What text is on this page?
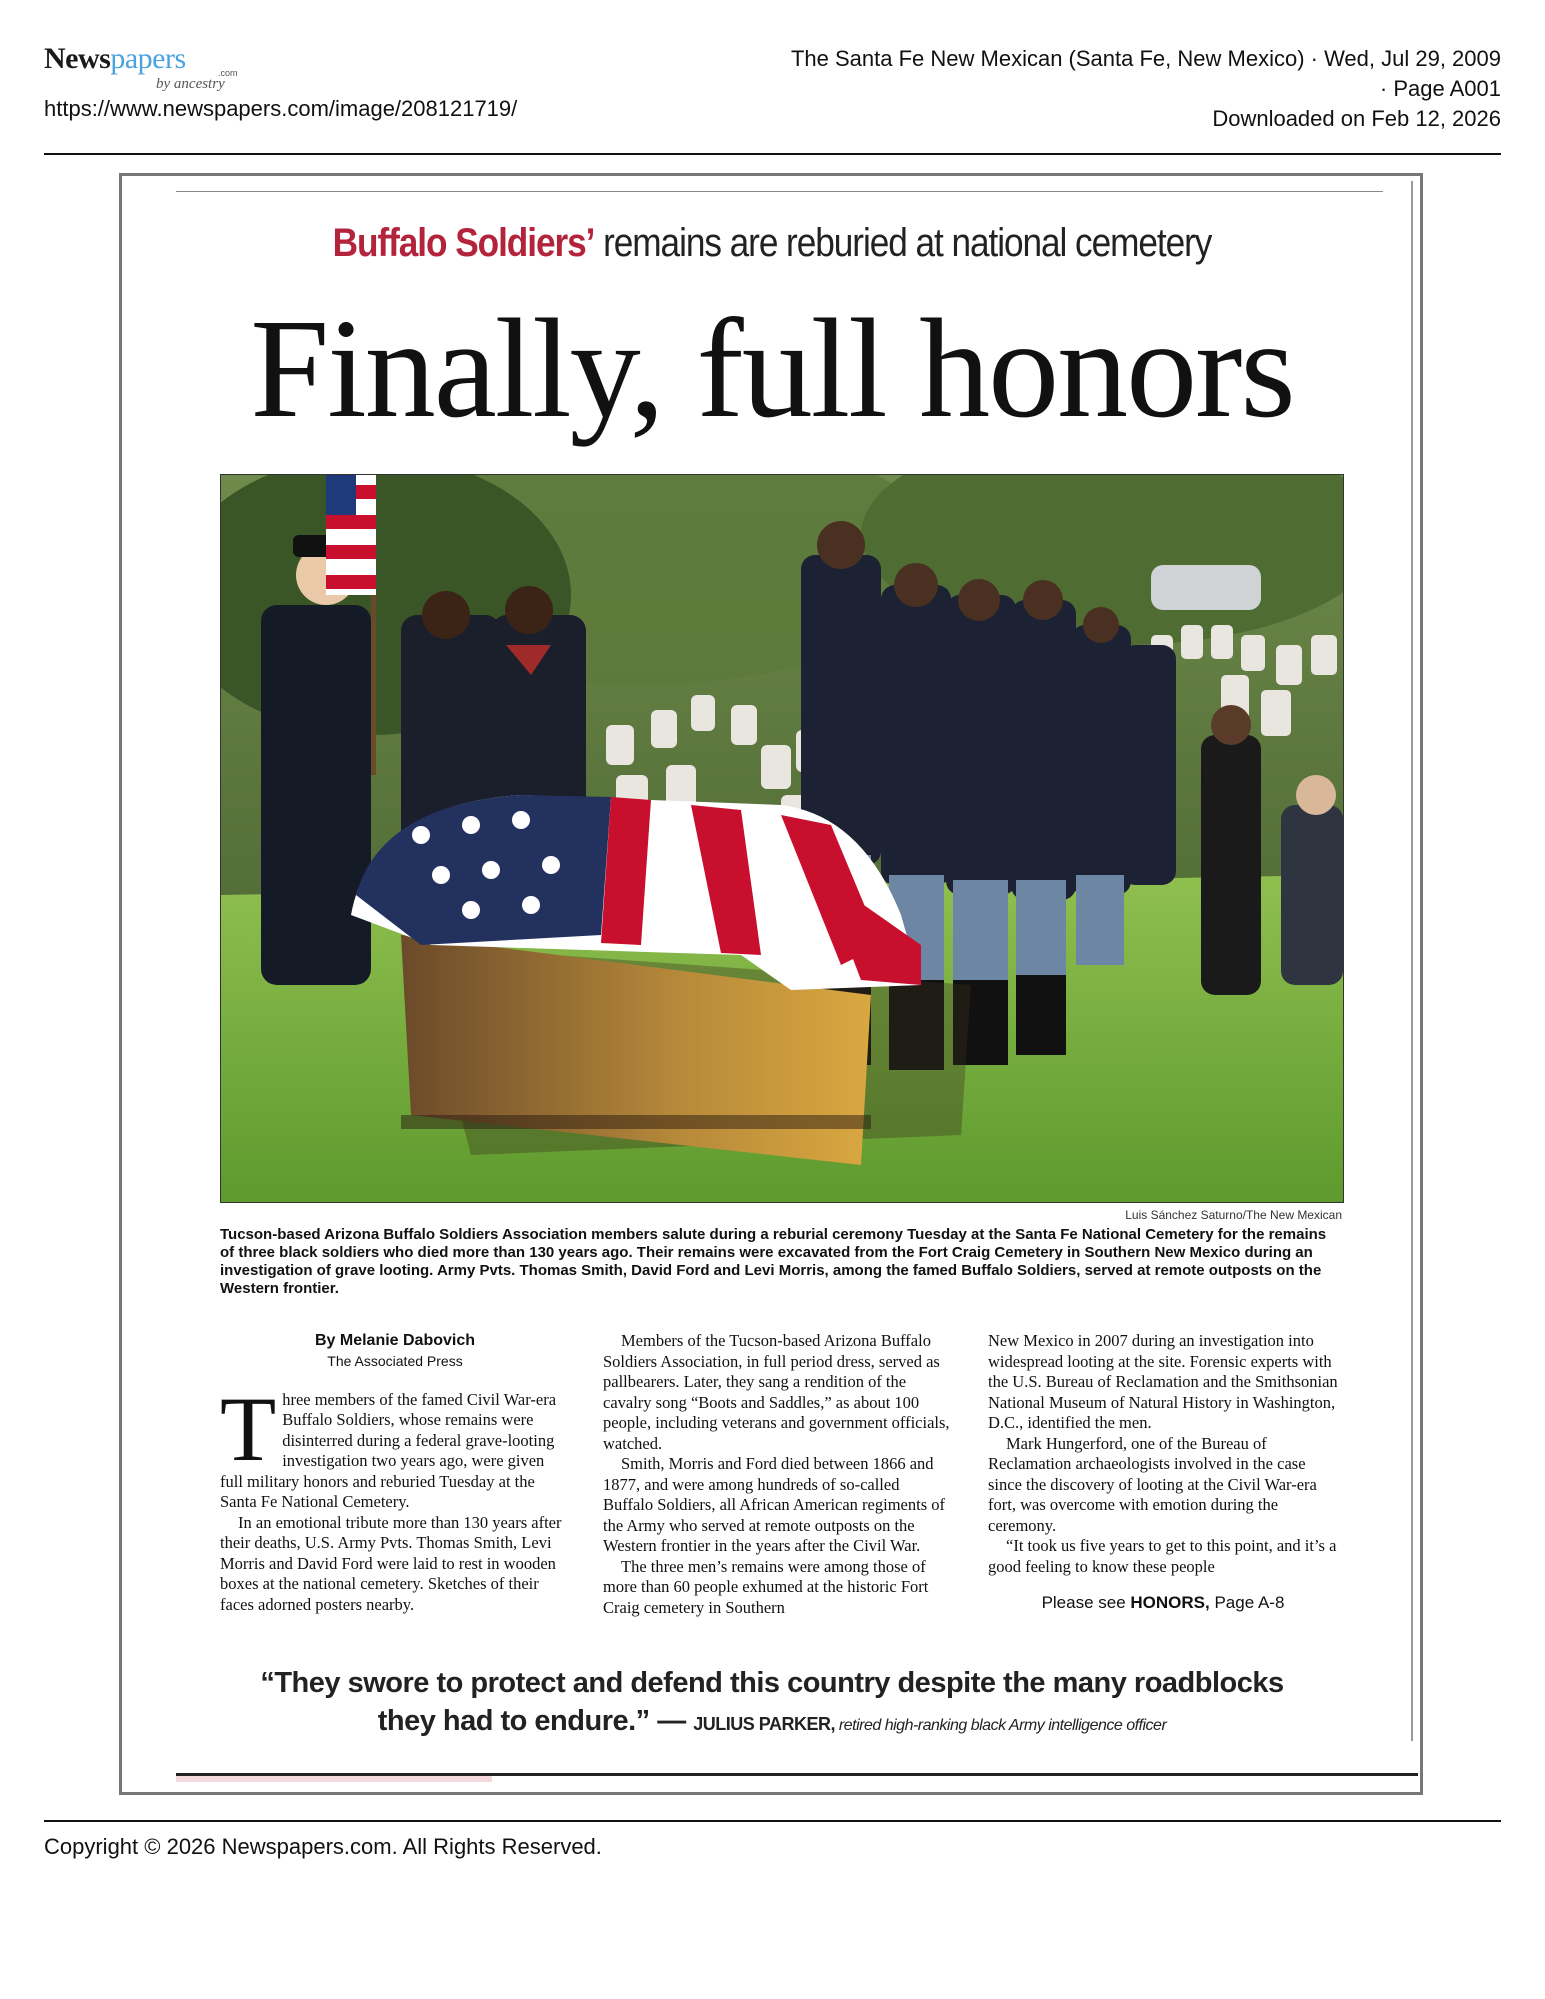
Newspapers	.com
by ancestry
https://www.newspapers.com/image/208121719/
The Santa Fe New Mexican (Santa Fe, New Mexico) · Wed, Jul 29, 2009
· Page A001
Downloaded on Feb 12, 2026
Buffalo Soldiers’ remains are reburied at national cemetery
Finally, full honors
Luis Sánchez Saturno/The New Mexican
Tucson-based Arizona Buffalo Soldiers Association members salute during a reburial ceremony Tuesday at the Santa Fe National Cemetery for the remains of three black soldiers who died more than 130 years ago. Their remains were excavated from the Fort Craig Cemetery in Southern New Mexico during an investigation of grave looting. Army Pvts. Thomas Smith, David Ford and Levi Morris, among the famed Buffalo Soldiers, served at remote outposts on the Western frontier.
By Melanie Dabovich
The Associated Press

Three members of the famed Civil War-era Buffalo Soldiers, whose remains were disinterred during a federal grave-looting investigation two years ago, were given full military honors and reburied Tuesday at the Santa Fe National Cemetery.

In an emotional tribute more than 130 years after their deaths, U.S. Army Pvts. Thomas Smith, Levi Morris and David Ford were laid to rest in wooden boxes at the national cemetery. Sketches of their faces adorned posters nearby.

Members of the Tucson-based Arizona Buffalo Soldiers Association, in full period dress, served as pallbearers. Later, they sang a rendition of the cavalry song “Boots and Saddles,” as about 100 people, including veterans and government officials, watched.

Smith, Morris and Ford died between 1866 and 1877, and were among hundreds of so-called Buffalo Soldiers, all African American regiments of the Army who served at remote outposts on the Western frontier in the years after the Civil War.

The three men’s remains were among those of more than 60 people exhumed at the historic Fort Craig cemetery in Southern

New Mexico in 2007 during an investigation into widespread looting at the site. Forensic experts with the U.S. Bureau of Reclamation and the Smithsonian National Museum of Natural History in Washington, D.C., identified the men.

Mark Hungerford, one of the Bureau of Reclamation archaeologists involved in the case since the discovery of looting at the Civil War-era fort, was overcome with emotion during the ceremony.

“It took us five years to get to this point, and it’s a good feeling to know these people

Please see HONORS, Page A-8
“They swore to protect and defend this country despite the many roadblocks
they had to endure.” — JULIUS PARKER, retired high-ranking black Army intelligence officer
Copyright © 2026 Newspapers.com. All Rights Reserved.
